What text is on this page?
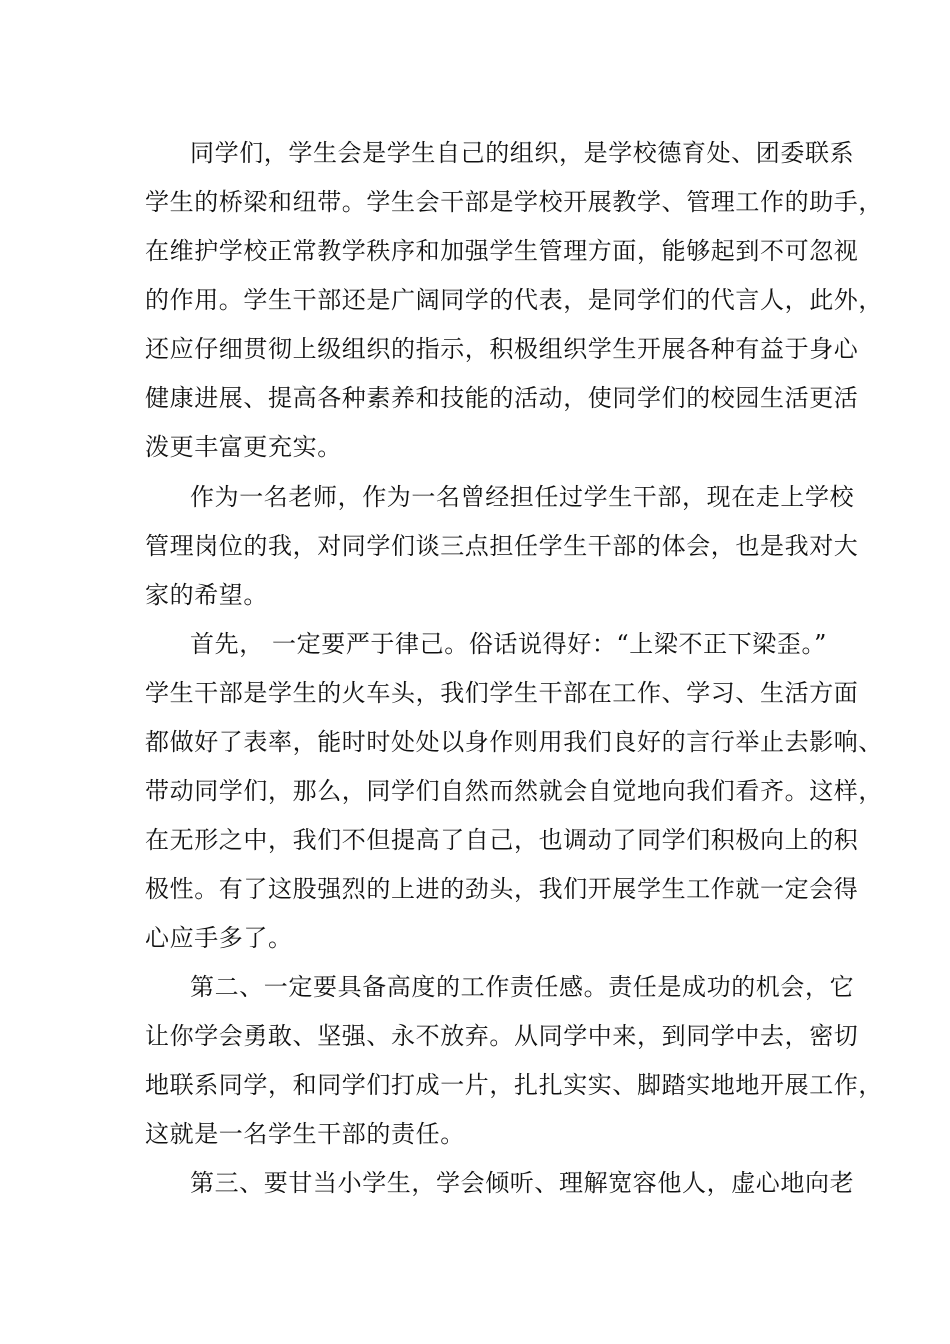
同学们，学生会是学生自己的组织，是学校德育处、团委联系
学生的桥梁和纽带。学生会干部是学校开展教学、管理工作的助手，
在维护学校正常教学秩序和加强学生管理方面，能够起到不可忽视
的作用。学生干部还是广阔同学的代表，是同学们的代言人，此外，
还应仔细贯彻上级组织的指示，积极组织学生开展各种有益于身心
健康进展、提高各种素养和技能的活动，使同学们的校园生活更活
泼更丰富更充实。
作为一名老师，作为一名曾经担任过学生干部，现在走上学校
管理岗位的我，对同学们谈三点担任学生干部的体会，也是我对大
家的希望。
首先， 一定要严于律己。俗话说得好：“上梁不正下梁歪。”
学生干部是学生的火车头，我们学生干部在工作、学习、生活方面
都做好了表率，能时时处处以身作则用我们良好的言行举止去影响、
带动同学们，那么，同学们自然而然就会自觉地向我们看齐。这样，
在无形之中，我们不但提高了自己，也调动了同学们积极向上的积
极性。有了这股强烈的上进的劲头，我们开展学生工作就一定会得
心应手多了。
第二、一定要具备高度的工作责任感。责任是成功的机会，它
让你学会勇敢、坚强、永不放弃。从同学中来，到同学中去，密切
地联系同学，和同学们打成一片，扎扎实实、脚踏实地地开展工作，
这就是一名学生干部的责任。
第三、要甘当小学生，学会倾听、理解宽容他人，虚心地向老
